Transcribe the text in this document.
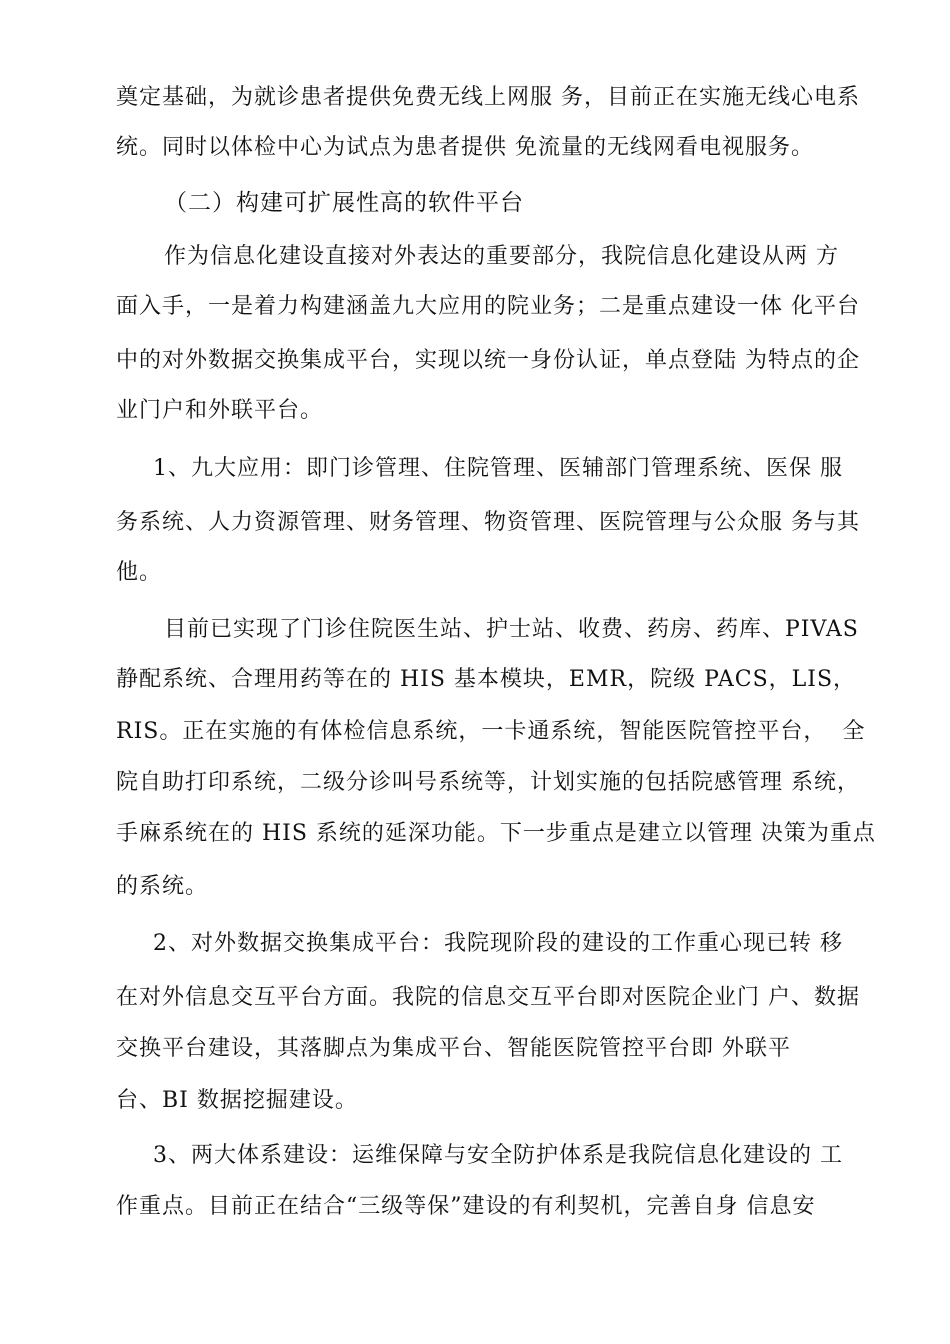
奠定基础，为就诊患者提供免费无线上网服 务，目前正在实施无线心电系
统。同时以体检中心为试点为患者提供 免流量的无线网看电视服务。
（二）构建可扩展性高的软件平台
作为信息化建设直接对外表达的重要部分，我院信息化建设从两 方
面入手，一是着力构建涵盖九大应用的院业务；二是重点建设一体 化平台
中的对外数据交换集成平台，实现以统一身份认证，单点登陆 为特点的企
业门户和外联平台。
1、九大应用：即门诊管理、住院管理、医辅部门管理系统、医保 服
务系统、人力资源管理、财务管理、物资管理、医院管理与公众服 务与其
他。
目前已实现了门诊住院医生站、护士站、收费、药房、药库、PIVAS
静配系统、合理用药等在的 HIS 基本模块，EMR，院级 PACS，LIS，
RIS。正在实施的有体检信息系统，一卡通系统，智能医院管控平台，  全
院自助打印系统，二级分诊叫号系统等，计划实施的包括院感管理 系统，
手麻系统在的 HIS 系统的延深功能。下一步重点是建立以管理 决策为重点
的系统。
2、对外数据交换集成平台：我院现阶段的建设的工作重心现已转 移
在对外信息交互平台方面。我院的信息交互平台即对医院企业门 户、数据
交换平台建设，其落脚点为集成平台、智能医院管控平台即 外联平
台、BI 数据挖掘建设。
3、两大体系建设：运维保障与安全防护体系是我院信息化建设的 工
作重点。目前正在结合“三级等保”建设的有利契机，完善自身 信息安
